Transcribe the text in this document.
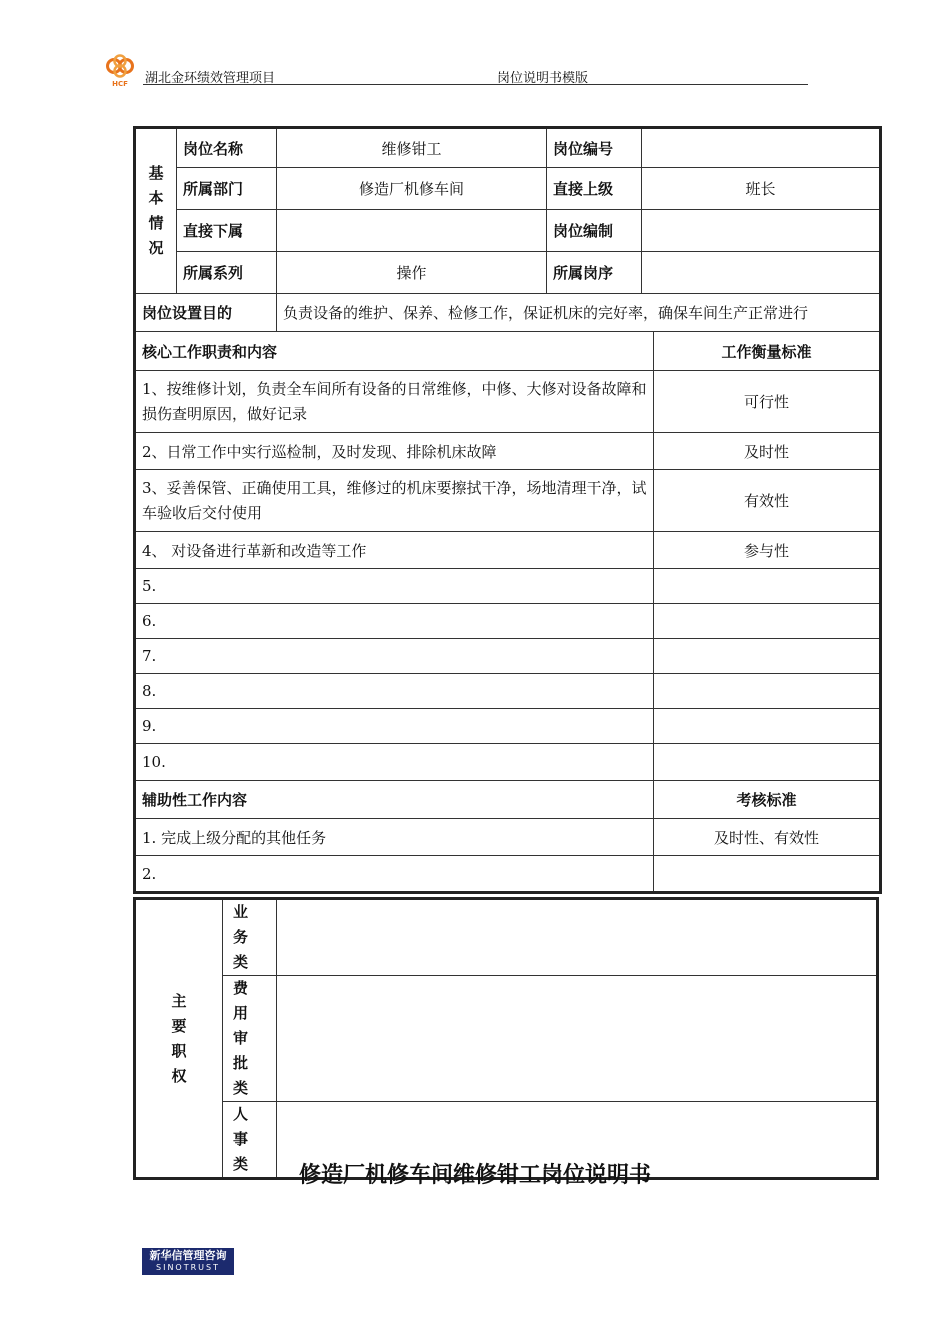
HCF 湖北金环绩效管理项目	岗位说明书模版
基
本
情
况	岗位名称	维修钳工	岗位编号		
	所属部门	修造厂机修车间	直接上级	班长	
	直接下属		岗位编制		
	所属系列	操作	所属岗序		
岗位设置目的		负责设备的维护、保养、检修工作，保证机床的完好率，确保车间生产正常进行			
核心工作职责和内容					工作衡量标准
1、按维修计划，负责全车间所有设备的日常维修，中修、大修对设备故障和损伤查明原因，做好记录					可行性
2、日常工作中实行巡检制，及时发现、排除机床故障					及时性
3、妥善保管、正确使用工具，维修过的机床要擦拭干净，场地清理干净，试车验收后交付使用					有效性
4、 对设备进行革新和改造等工作					参与性
5.					
6.					
7.					
8.					
9.					
10.					
辅助性工作内容					考核标准
1. 完成上级分配的其他任务					及时性、有效性
2.					
主
要
职
权	业务类	
	费用审批类	
	人事类		修造厂机修车间维修钳工岗位说明书
新华信管理咨询
SINOTRUST
